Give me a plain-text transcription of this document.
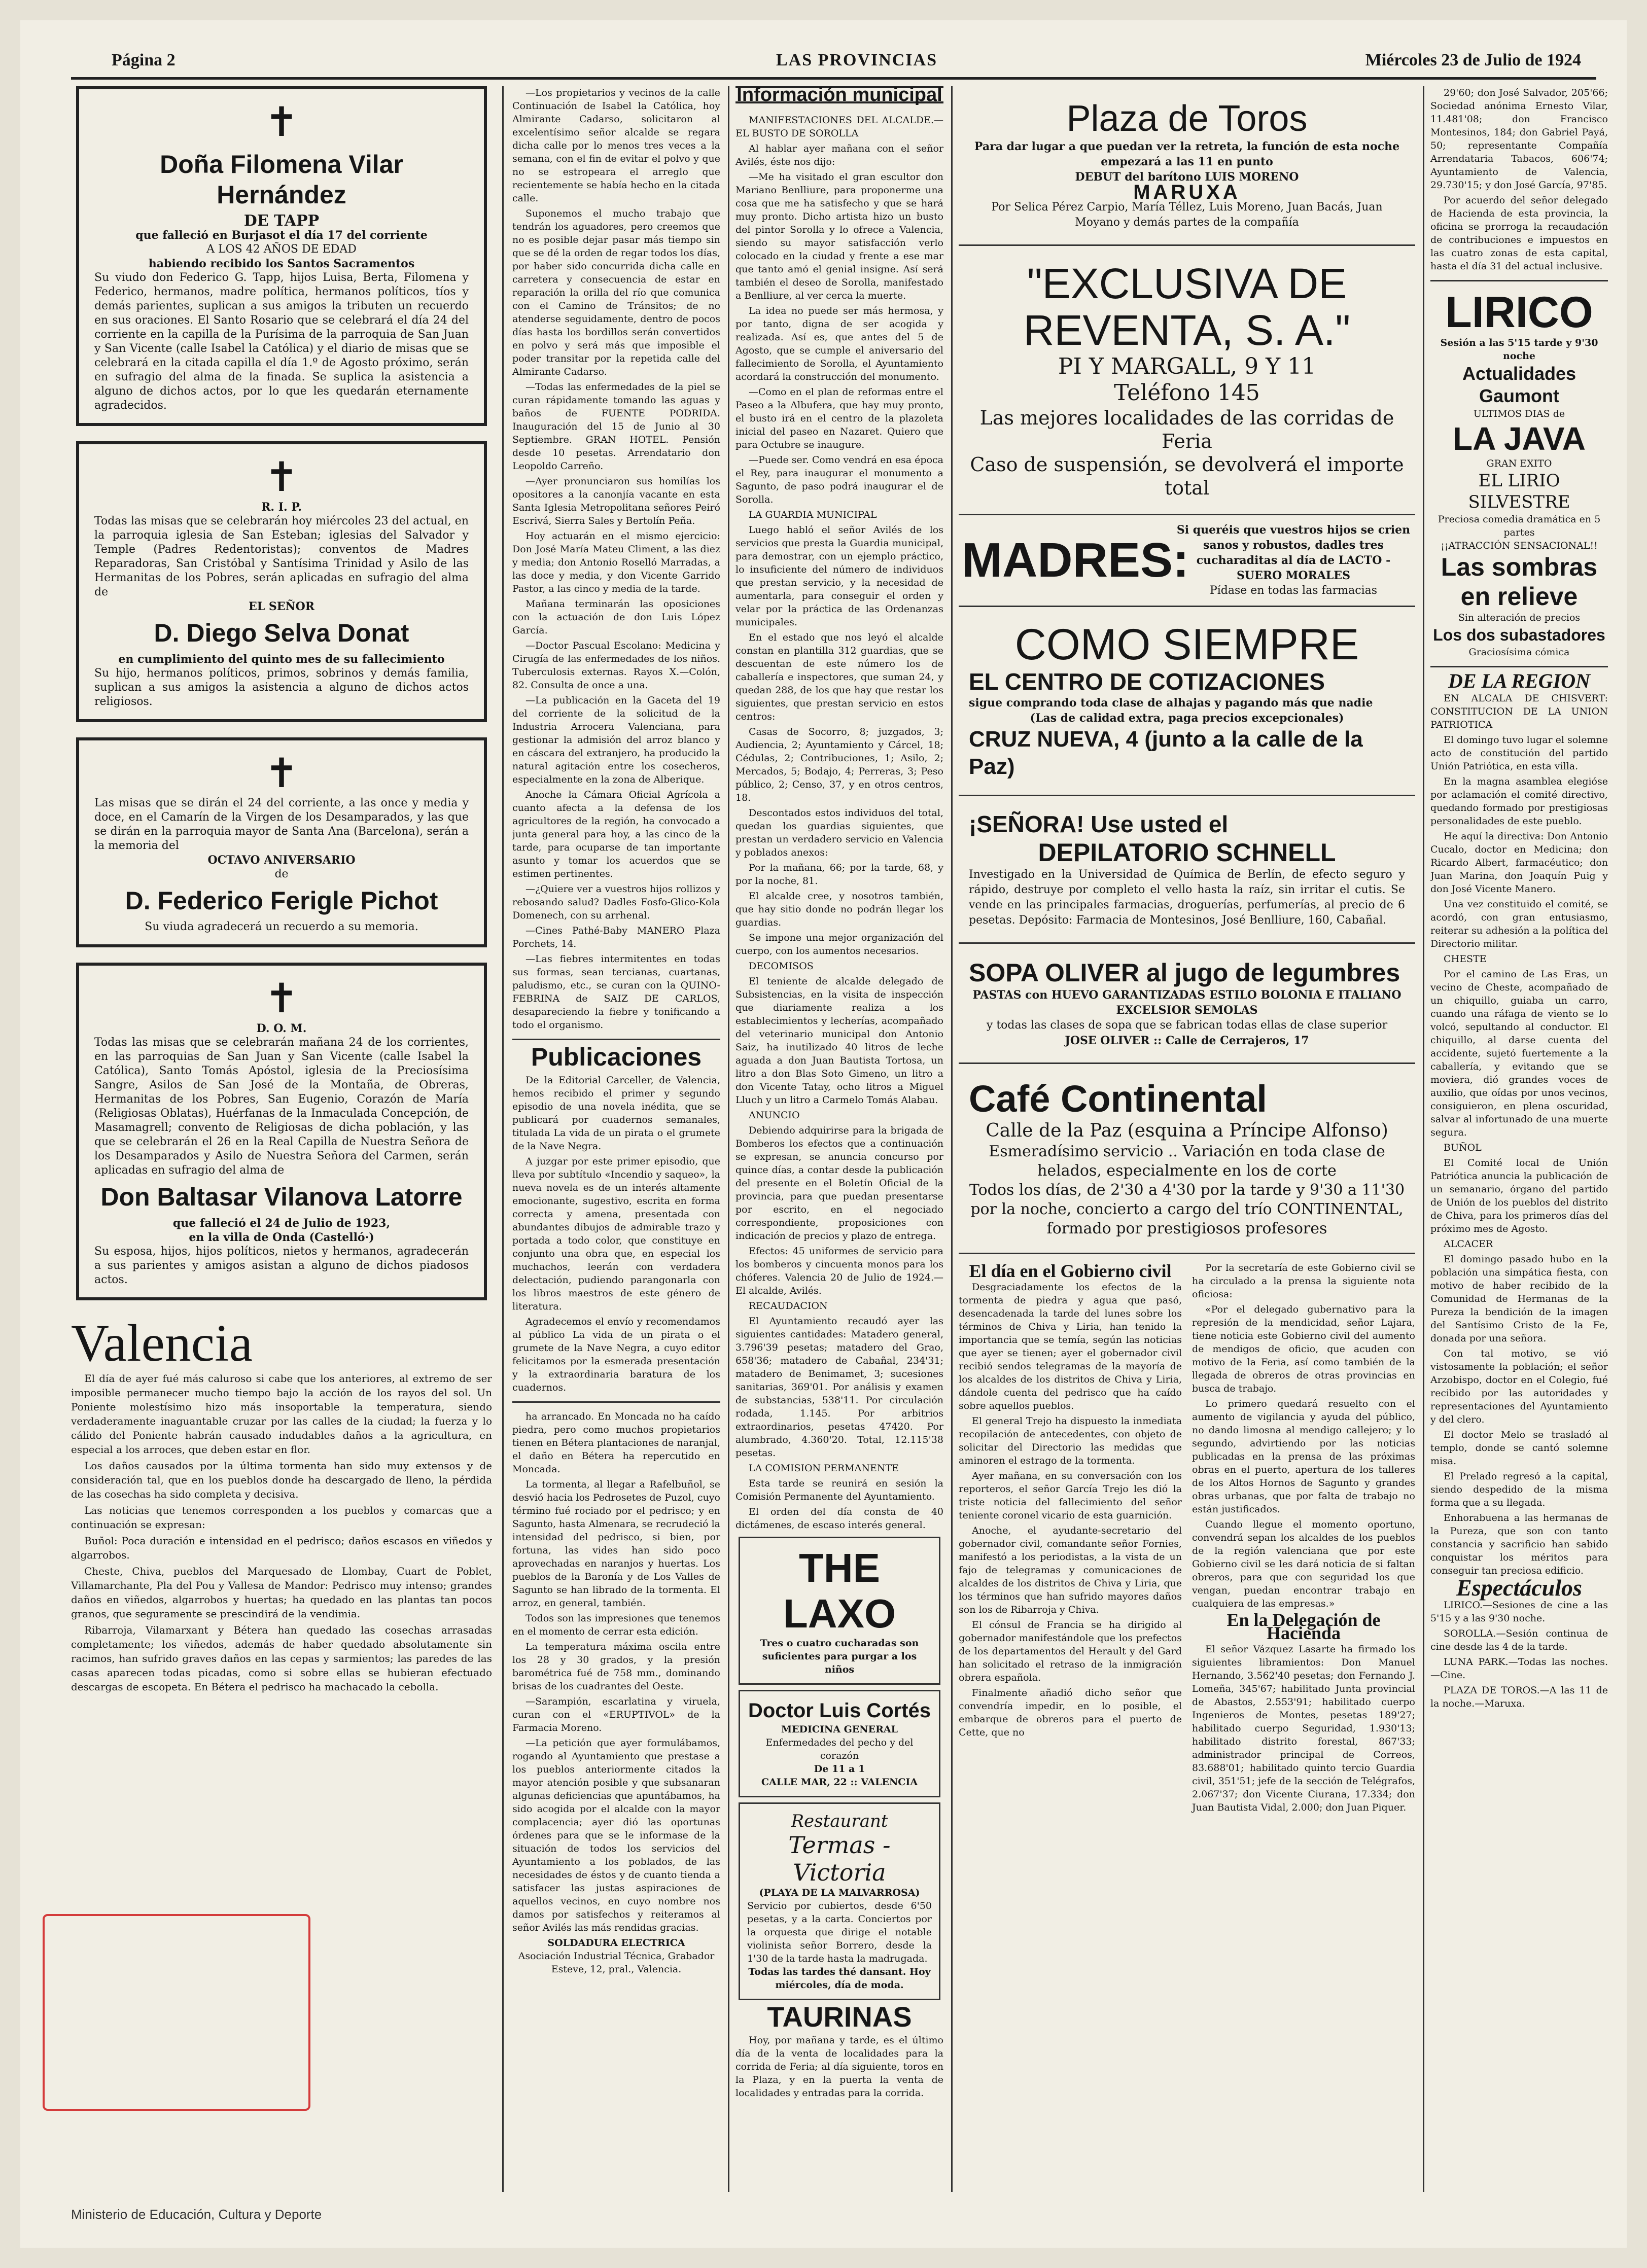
Página 2	LAS PROVINCIAS	Miércoles 23 de Julio de 1924
✝
Doña Filomena Vilar Hernández
DE TAPP
que falleció en Burjasot el día 17 del corriente
A LOS 42 AÑOS DE EDAD
habiendo recibido los Santos Sacramentos
Su viudo don Federico G. Tapp, hijos Luisa, Berta, Filomena y Federico, hermanos, madre política, hermanos políticos, tíos y demás parientes, suplican a sus amigos la tributen un recuerdo en sus oraciones. El Santo Rosario que se celebrará el día 24 del corriente en la capilla de la Purísima de la parroquia de San Juan y San Vicente (calle Isabel la Católica) y el diario de misas que se celebrará en la citada capilla el día 1.º de Agosto próximo, serán en sufragio del alma de la finada. Se suplica la asistencia a alguno de dichos actos, por lo que les quedarán eternamente agradecidos.
✝
R. I. P.
Todas las misas que se celebrarán hoy miércoles 23 del actual, en la parroquia iglesia de San Esteban; iglesias del Salvador y Temple (Padres Redentoristas); conventos de Madres Reparadoras, San Cristóbal y Santísima Trinidad y Asilo de las Hermanitas de los Pobres, serán aplicadas en sufragio del alma de
EL SEÑOR
D. Diego Selva Donat
en cumplimiento del quinto mes de su fallecimiento
Su hijo, hermanos políticos, primos, sobrinos y demás familia, suplican a sus amigos la asistencia a alguno de dichos actos religiosos.
✝
Las misas que se dirán el 24 del corriente, a las once y media y doce, en el Camarín de la Virgen de los Desamparados, y las que se dirán en la parroquia mayor de Santa Ana (Barcelona), serán a la memoria del
OCTAVO ANIVERSARIO
de
D. Federico Ferigle Pichot
Su viuda agradecerá un recuerdo a su memoria.
✝
D. O. M.
Todas las misas que se celebrarán mañana 24 de los corrientes, en las parroquias de San Juan y San Vicente (calle Isabel la Católica), Santo Tomás Apóstol, iglesia de la Preciosísima Sangre, Asilos de San José de la Montaña, de Obreras, Hermanitas de los Pobres, San Eugenio, Corazón de María (Religiosas Oblatas), Huérfanas de la Inmaculada Concepción, de Masamagrell; convento de Religiosas de dicha población, y las que se celebrarán el 26 en la Real Capilla de Nuestra Señora de los Desamparados y Asilo de Nuestra Señora del Carmen, serán aplicadas en sufragio del alma de
Don Baltasar Vilanova Latorre
que falleció el 24 de Julio de 1923,
en la villa de Onda (Castelló·)
Su esposa, hijos, hijos políticos, nietos y hermanos, agradecerán a sus parientes y amigos asistan a alguno de dichos piadosos actos.
Valencia

El día de ayer fué más caluroso si cabe que los anteriores, al extremo de ser imposible permanecer mucho tiempo bajo la acción de los rayos del sol. Un Poniente molestísimo hizo más insoportable la temperatura, siendo verdaderamente inaguantable cruzar por las calles de la ciudad; la fuerza y lo cálido del Poniente habrán causado indudables daños a la agricultura, en especial a los arroces, que deben estar en flor.

Los daños causados por la última tormenta han sido muy extensos y de consideración tal, que en los pueblos donde ha descargado de lleno, la pérdida de las cosechas ha sido completa y decisiva.

Las noticias que tenemos corresponden a los pueblos y comarcas que a continuación se expresan:

Buñol: Poca duración e intensidad en el pedrisco; daños escasos en viñedos y algarrobos.

Cheste, Chiva, pueblos del Marquesado de Llombay, Cuart de Poblet, Villamarchante, Pla del Pou y Vallesa de Mandor: Pedrisco muy intenso; grandes daños en viñedos, algarrobos y huertas; ha quedado en las plantas tan pocos granos, que seguramente se prescindirá de la vendimia.

Ribarroja, Vilamarxant y Bétera han quedado las cosechas arrasadas completamente; los viñedos, además de haber quedado absolutamente sin racimos, han sufrido graves daños en las cepas y sarmientos; las paredes de las casas aparecen todas picadas, como si sobre ellas se hubieran efectuado descargas de escopeta. En Bétera el pedrisco ha machacado la cebolla.

—Los propietarios y vecinos de la calle Continuación de Isabel la Católica, hoy Almirante Cadarso, solicitaron al excelentísimo señor alcalde se regara dicha calle por lo menos tres veces a la semana, con el fin de evitar el polvo y que no se estropeara el arreglo que recientemente se había hecho en la citada calle.

Suponemos el mucho trabajo que tendrán los aguadores, pero creemos que no es posible dejar pasar más tiempo sin que se dé la orden de regar todos los días, por haber sido concurrida dicha calle en carretera y consecuencia de estar en reparación la orilla del río que comunica con el Camino de Tránsitos; de no atenderse seguidamente, dentro de pocos días hasta los bordillos serán convertidos en polvo y será más que imposible el poder transitar por la repetida calle del Almirante Cadarso.

—Todas las enfermedades de la piel se curan rápidamente tomando las aguas y baños de FUENTE PODRIDA. Inauguración del 15 de Junio al 30 Septiembre. GRAN HOTEL. Pensión desde 10 pesetas. Arrendatario don Leopoldo Carreño.

—Ayer pronunciaron sus homilías los opositores a la canonjía vacante en esta Santa Iglesia Metropolitana señores Peiró Escrivá, Sierra Sales y Bertolín Peña.

Hoy actuarán en el mismo ejercicio: Don José María Mateu Climent, a las diez y media; don Antonio Roselló Marradas, a las doce y media, y don Vicente Garrido Pastor, a las cinco y media de la tarde.

Mañana terminarán las oposiciones con la actuación de don Luis López García.

—Doctor Pascual Escolano: Medicina y Cirugía de las enfermedades de los niños. Tuberculosis externas. Rayos X.—Colón, 82. Consulta de once a una.

—La publicación en la Gaceta del 19 del corriente de la solicitud de la Industria Arrocera Valenciana, para gestionar la admisión del arroz blanco y en cáscara del extranjero, ha producido la natural agitación entre los cosecheros, especialmente en la zona de Alberique.

Anoche la Cámara Oficial Agrícola a cuanto afecta a la defensa de los agricultores de la región, ha convocado a junta general para hoy, a las cinco de la tarde, para ocuparse de tan importante asunto y tomar los acuerdos que se estimen pertinentes.

—¿Quiere ver a vuestros hijos rollizos y rebosando salud? Dadles Fosfo-Glico-Kola Domenech, con su arrhenal.

—Cines Pathé-Baby MANERO Plaza Porchets, 14.

—Las fiebres intermitentes en todas sus formas, sean tercianas, cuartanas, paludismo, etc., se curan con la QUINO-FEBRINA de SAIZ DE CARLOS, desapareciendo la fiebre y tonificando a todo el organismo.

Publicaciones

De la Editorial Carceller, de Valencia, hemos recibido el primer y segundo episodio de una novela inédita, que se publicará por cuadernos semanales, titulada La vida de un pirata o el grumete de la Nave Negra.

A juzgar por este primer episodio, que lleva por subtítulo «Incendio y saqueo», la nueva novela es de un interés altamente emocionante, sugestivo, escrita en forma correcta y amena, presentada con abundantes dibujos de admirable trazo y portada a todo color, que constituye en conjunto una obra que, en especial los muchachos, leerán con verdadera delectación, pudiendo parangonarla con los libros maestros de este género de literatura.

Agradecemos el envío y recomendamos al público La vida de un pirata o el grumete de la Nave Negra, a cuyo editor felicitamos por la esmerada presentación y la extraordinaria baratura de los cuadernos.

ha arrancado. En Moncada no ha caído piedra, pero como muchos propietarios tienen en Bétera plantaciones de naranjal, el daño en Bétera ha repercutido en Moncada.

La tormenta, al llegar a Rafelbuñol, se desvió hacia los Pedrosetes de Puzol, cuyo término fué rociado por el pedrisco; y en Sagunto, hasta Almenara, se recrudeció la intensidad del pedrisco, si bien, por fortuna, las vides han sido poco aprovechadas en naranjos y huertas. Los pueblos de la Baronía y de Los Valles de Sagunto se han librado de la tormenta. El arroz, en general, también.

Todos son las impresiones que tenemos en el momento de cerrar esta edición.

La temperatura máxima oscila entre los 28 y 30 grados, y la presión barométrica fué de 758 mm., dominando brisas de los cuadrantes del Oeste.

—Sarampión, escarlatina y viruela, curan con el «ERUPTIVOL» de la Farmacia Moreno.

—La petición que ayer formulábamos, rogando al Ayuntamiento que prestase a los pueblos anteriormente citados la mayor atención posible y que subsanaran algunas deficiencias que apuntábamos, ha sido acogida por el alcalde con la mayor complacencia; ayer dió las oportunas órdenes para que se le informase de la situación de todos los servicios del Ayuntamiento a los poblados, de las necesidades de éstos y de cuanto tienda a satisfacer las justas aspiraciones de aquellos vecinos, en cuyo nombre nos damos por satisfechos y reiteramos al señor Avilés las más rendidas gracias.

SOLDADURA ELECTRICA
Asociación Industrial Técnica, Grabador Esteve, 12, pral., Valencia.
Información municipal

MANIFESTACIONES DEL ALCALDE.—EL BUSTO DE SOROLLA

Al hablar ayer mañana con el señor Avilés, éste nos dijo:

—Me ha visitado el gran escultor don Mariano Benlliure, para proponerme una cosa que me ha satisfecho y que se hará muy pronto. Dicho artista hizo un busto del pintor Sorolla y lo ofrece a Valencia, siendo su mayor satisfacción verlo colocado en la ciudad y frente a ese mar que tanto amó el genial insigne. Así será también el deseo de Sorolla, manifestado a Benlliure, al ver cerca la muerte.

La idea no puede ser más hermosa, y por tanto, digna de ser acogida y realizada. Así es, que antes del 5 de Agosto, que se cumple el aniversario del fallecimiento de Sorolla, el Ayuntamiento acordará la construcción del monumento.

—Como en el plan de reformas entre el Paseo a la Albufera, que hay muy pronto, el busto irá en el centro de la plazoleta inicial del paseo en Nazaret. Quiero que para Octubre se inaugure.

—Puede ser. Como vendrá en esa época el Rey, para inaugurar el monumento a Sagunto, de paso podrá inaugurar el de Sorolla.

LA GUARDIA MUNICIPAL

Luego habló el señor Avilés de los servicios que presta la Guardia municipal, para demostrar, con un ejemplo práctico, lo insuficiente del número de individuos que prestan servicio, y la necesidad de aumentarla, para conseguir el orden y velar por la práctica de las Ordenanzas municipales.

En el estado que nos leyó el alcalde constan en plantilla 312 guardias, que se descuentan de este número los de caballería e inspectores, que suman 24, y quedan 288, de los que hay que restar los siguientes, que prestan servicio en estos centros:

Casas de Socorro, 8; juzgados, 3; Audiencia, 2; Ayuntamiento y Cárcel, 18; Cédulas, 2; Contribuciones, 1; Asilo, 2; Mercados, 5; Bodajo, 4; Perreras, 3; Peso público, 2; Censo, 37, y en otros centros, 18.

Descontados estos individuos del total, quedan los guardias siguientes, que prestan un verdadero servicio en Valencia y poblados anexos:

Por la mañana, 66; por la tarde, 68, y por la noche, 81.

El alcalde cree, y nosotros también, que hay sitio donde no podrán llegar los guardias.

Se impone una mejor organización del cuerpo, con los aumentos necesarios.

DECOMISOS

El teniente de alcalde delegado de Subsistencias, en la visita de inspección que diariamente realiza a los establecimientos y lecherías, acompañado del veterinario municipal don Antonio Saiz, ha inutilizado 40 litros de leche aguada a don Juan Bautista Tortosa, un litro a don Blas Soto Gimeno, un litro a don Vicente Tatay, ocho litros a Miguel Lluch y un litro a Carmelo Tomás Alabau.

ANUNCIO

Debiendo adquirirse para la brigada de Bomberos los efectos que a continuación se expresan, se anuncia concurso por quince días, a contar desde la publicación del presente en el Boletín Oficial de la provincia, para que puedan presentarse por escrito, en el negociado correspondiente, proposiciones con indicación de precios y plazo de entrega.

Efectos: 45 uniformes de servicio para los bomberos y cincuenta monos para los chóferes. Valencia 20 de Julio de 1924.—El alcalde, Avilés.

RECAUDACION

El Ayuntamiento recaudó ayer las siguientes cantidades: Matadero general, 3.796'39 pesetas; matadero del Grao, 658'36; matadero de Cabañal, 234'31; matadero de Benimamet, 3; sucesiones sanitarias, 369'01. Por análisis y examen de substancias, 538'11. Por circulación rodada, 1.145. Por arbitrios extraordinarios, pesetas 47420. Por alumbrado, 4.360'20. Total, 12.115'38 pesetas.

LA COMISION PERMANENTE

Esta tarde se reunirá en sesión la Comisión Permanente del Ayuntamiento.

El orden del día consta de 40 dictámenes, de escaso interés general.

THE LAXO
Tres o cuatro cucharadas son suficientes para purgar a los niños
Doctor Luis Cortés
MEDICINA GENERAL
Enfermedades del pecho y del corazón
De 11 a 1
CALLE MAR, 22 :: VALENCIA
Restaurant
Termas - Victoria
(PLAYA DE LA MALVARROSA)
Servicio por cubiertos, desde 6'50 pesetas, y a la carta. Conciertos por la orquesta que dirige el notable violinista señor Borrero, desde la 1'30 de la tarde hasta la madrugada.
Todas las tardes thé dansant. Hoy miércoles, día de moda.
TAURINAS

Hoy, por mañana y tarde, es el último día de la venta de localidades para la corrida de Feria; al día siguiente, toros en la Plaza, y en la puerta la venta de localidades y entradas para la corrida.

Plaza de Toros
Para dar lugar a que puedan ver la retreta, la función de esta noche empezará a las 11 en punto
DEBUT del barítono LUIS MORENO
MARUXA
Por Selica Pérez Carpio, María Téllez, Luis Moreno, Juan Bacás, Juan Moyano y demás partes de la compañía
"EXCLUSIVA DE
REVENTA, S. A."
PI Y MARGALL, 9 Y 11
Teléfono 145
Las mejores localidades de las corridas de Feria
Caso de suspensión, se devolverá el importe total
MADRES:
Si queréis que vuestros hijos se crien sanos y robustos, dadles tres cucharaditas al día de LACTO - SUERO MORALES
Pídase en todas las farmacias
COMO SIEMPRE
EL CENTRO DE COTIZACIONES
sigue comprando toda clase de alhajas y pagando más que nadie
(Las de calidad extra, paga precios excepcionales)
CRUZ NUEVA, 4 (junto a la calle de la Paz)
¡SEÑORA! Use usted el
DEPILATORIO SCHNELL
Investigado en la Universidad de Química de Berlín, de efecto seguro y rápido, destruye por completo el vello hasta la raíz, sin irritar el cutis. Se vende en las principales farmacias, droguerías, perfumerías, al precio de 6 pesetas. Depósito: Farmacia de Montesinos, José Benlliure, 160, Cabañal.
SOPA OLIVER al jugo de legumbres
PASTAS con HUEVO GARANTIZADAS ESTILO BOLONIA E ITALIANO EXCELSIOR SEMOLAS
y todas las clases de sopa que se fabrican todas ellas de clase superior
JOSE OLIVER :: Calle de Cerrajeros, 17
Café Continental
Calle de la Paz (esquina a Príncipe Alfonso)
Esmeradísimo servicio .. Variación en toda clase de helados, especialmente en los de corte
Todos los días, de 2'30 a 4'30 por la tarde y 9'30 a 11'30 por la noche, concierto a cargo del trío CONTINENTAL, formado por prestigiosos profesores
El día en el Gobierno civil

Desgraciadamente los efectos de la tormenta de piedra y agua que pasó, desencadenada la tarde del lunes sobre los términos de Chiva y Liria, han tenido la importancia que se temía, según las noticias que ayer se tienen; ayer el gobernador civil recibió sendos telegramas de la mayoría de los alcaldes de los distritos de Chiva y Liria, dándole cuenta del pedrisco que ha caído sobre aquellos pueblos.

El general Trejo ha dispuesto la inmediata recopilación de antecedentes, con objeto de solicitar del Directorio las medidas que aminoren el estrago de la tormenta.

Ayer mañana, en su conversación con los reporteros, el señor García Trejo les dió la triste noticia del fallecimiento del señor teniente coronel vicario de esta guarnición.

Anoche, el ayudante-secretario del gobernador civil, comandante señor Fornies, manifestó a los periodistas, a la vista de un fajo de telegramas y comunicaciones de alcaldes de los distritos de Chiva y Liria, que los términos que han sufrido mayores daños son los de Ribarroja y Chiva.

El cónsul de Francia se ha dirigido al gobernador manifestándole que los prefectos de los departamentos del Herault y del Gard han solicitado el retraso de la inmigración obrera española.

Finalmente añadió dicho señor que convendría impedir, en lo posible, el embarque de obreros para el puerto de Cette, que no

Por la secretaría de este Gobierno civil se ha circulado a la prensa la siguiente nota oficiosa:

«Por el delegado gubernativo para la represión de la mendicidad, señor Lajara, tiene noticia este Gobierno civil del aumento de mendigos de oficio, que acuden con motivo de la Feria, así como también de la llegada de obreros de otras provincias en busca de trabajo.

Lo primero quedará resuelto con el aumento de vigilancia y ayuda del público, no dando limosna al mendigo callejero; y lo segundo, advirtiendo por las noticias publicadas en la prensa de las próximas obras en el puerto, apertura de los talleres de los Altos Hornos de Sagunto y grandes obras urbanas, que por falta de trabajo no están justificados.

Cuando llegue el momento oportuno, convendrá sepan los alcaldes de los pueblos de la región valenciana que por este Gobierno civil se les dará noticia de si faltan obreros, para que con seguridad los que vengan, puedan encontrar trabajo en cualquiera de las empresas.»

En la Delegación de Hacienda

El señor Vázquez Lasarte ha firmado los siguientes libramientos: Don Manuel Hernando, 3.562'40 pesetas; don Fernando J. Lomeña, 345'67; habilitado Junta provincial de Abastos, 2.553'91; habilitado cuerpo Ingenieros de Montes, pesetas 189'27; habilitado cuerpo Seguridad, 1.930'13; habilitado distrito forestal, 867'33; administrador principal de Correos, 83.688'01; habilitado quinto tercio Guardia civil, 351'51; jefe de la sección de Telégrafos, 2.067'37; don Vicente Ciurana, 17.334; don Juan Bautista Vidal, 2.000; don Juan Piquer.

29'60; don José Salvador, 205'66; Sociedad anónima Ernesto Vilar, 11.481'08; don Francisco Montesinos, 184; don Gabriel Payá, 50; representante Compañía Arrendataria Tabacos, 606'74; Ayuntamiento de Valencia, 29.730'15; y don José García, 97'85.

Por acuerdo del señor delegado de Hacienda de esta provincia, la oficina se prorroga la recaudación de contribuciones e impuestos en las cuatro zonas de esta capital, hasta el día 31 del actual inclusive.

LIRICO
Sesión a las 5'15 tarde y 9'30 noche
Actualidades Gaumont
ULTIMOS DIAS de
LA JAVA
GRAN EXITO
EL LIRIO SILVESTRE
Preciosa comedia dramática en 5 partes
¡¡ATRACCIÓN SENSACIONAL!!
Las sombras en relieve
Sin alteración de precios
Los dos subastadores
Graciosísima cómica
DE LA REGION

EN ALCALA DE CHISVERT: CONSTITUCION DE LA UNION PATRIOTICA

El domingo tuvo lugar el solemne acto de constitución del partido Unión Patriótica, en esta villa.

En la magna asamblea elegióse por aclamación el comité directivo, quedando formado por prestigiosas personalidades de este pueblo.

He aquí la directiva: Don Antonio Cucalo, doctor en Medicina; don Ricardo Albert, farmacéutico; don Juan Marina, don Joaquín Puig y don José Vicente Manero.

Una vez constituido el comité, se acordó, con gran entusiasmo, reiterar su adhesión a la política del Directorio militar.

CHESTE

Por el camino de Las Eras, un vecino de Cheste, acompañado de un chiquillo, guiaba un carro, cuando una ráfaga de viento se lo volcó, sepultando al conductor. El chiquillo, al darse cuenta del accidente, sujetó fuertemente a la caballería, y evitando que se moviera, dió grandes voces de auxilio, que oídas por unos vecinos, consiguieron, en plena oscuridad, salvar al infortunado de una muerte segura.

BUÑOL

El Comité local de Unión Patriótica anuncia la publicación de un semanario, órgano del partido de Unión de los pueblos del distrito de Chiva, para los primeros días del próximo mes de Agosto.

ALCACER

El domingo pasado hubo en la población una simpática fiesta, con motivo de haber recibido de la Comunidad de Hermanas de la Pureza la bendición de la imagen del Santísimo Cristo de la Fe, donada por una señora.

Con tal motivo, se vió vistosamente la población; el señor Arzobispo, doctor en el Colegio, fué recibido por las autoridades y representaciones del Ayuntamiento y del clero.

El doctor Melo se trasladó al templo, donde se cantó solemne misa.

El Prelado regresó a la capital, siendo despedido de la misma forma que a su llegada.

Enhorabuena a las hermanas de la Pureza, que son con tanto constancia y sacrificio han sabido conquistar los méritos para conseguir tan preciosa edificio.

Espectáculos

LIRICO.—Sesiones de cine a las 5'15 y a las 9'30 noche.

SOROLLA.—Sesión continua de cine desde las 4 de la tarde.

LUNA PARK.—Todas las noches.—Cine.

PLAZA DE TOROS.—A las 11 de la noche.—Maruxa.

Ministerio de Educación, Cultura y Deporte
